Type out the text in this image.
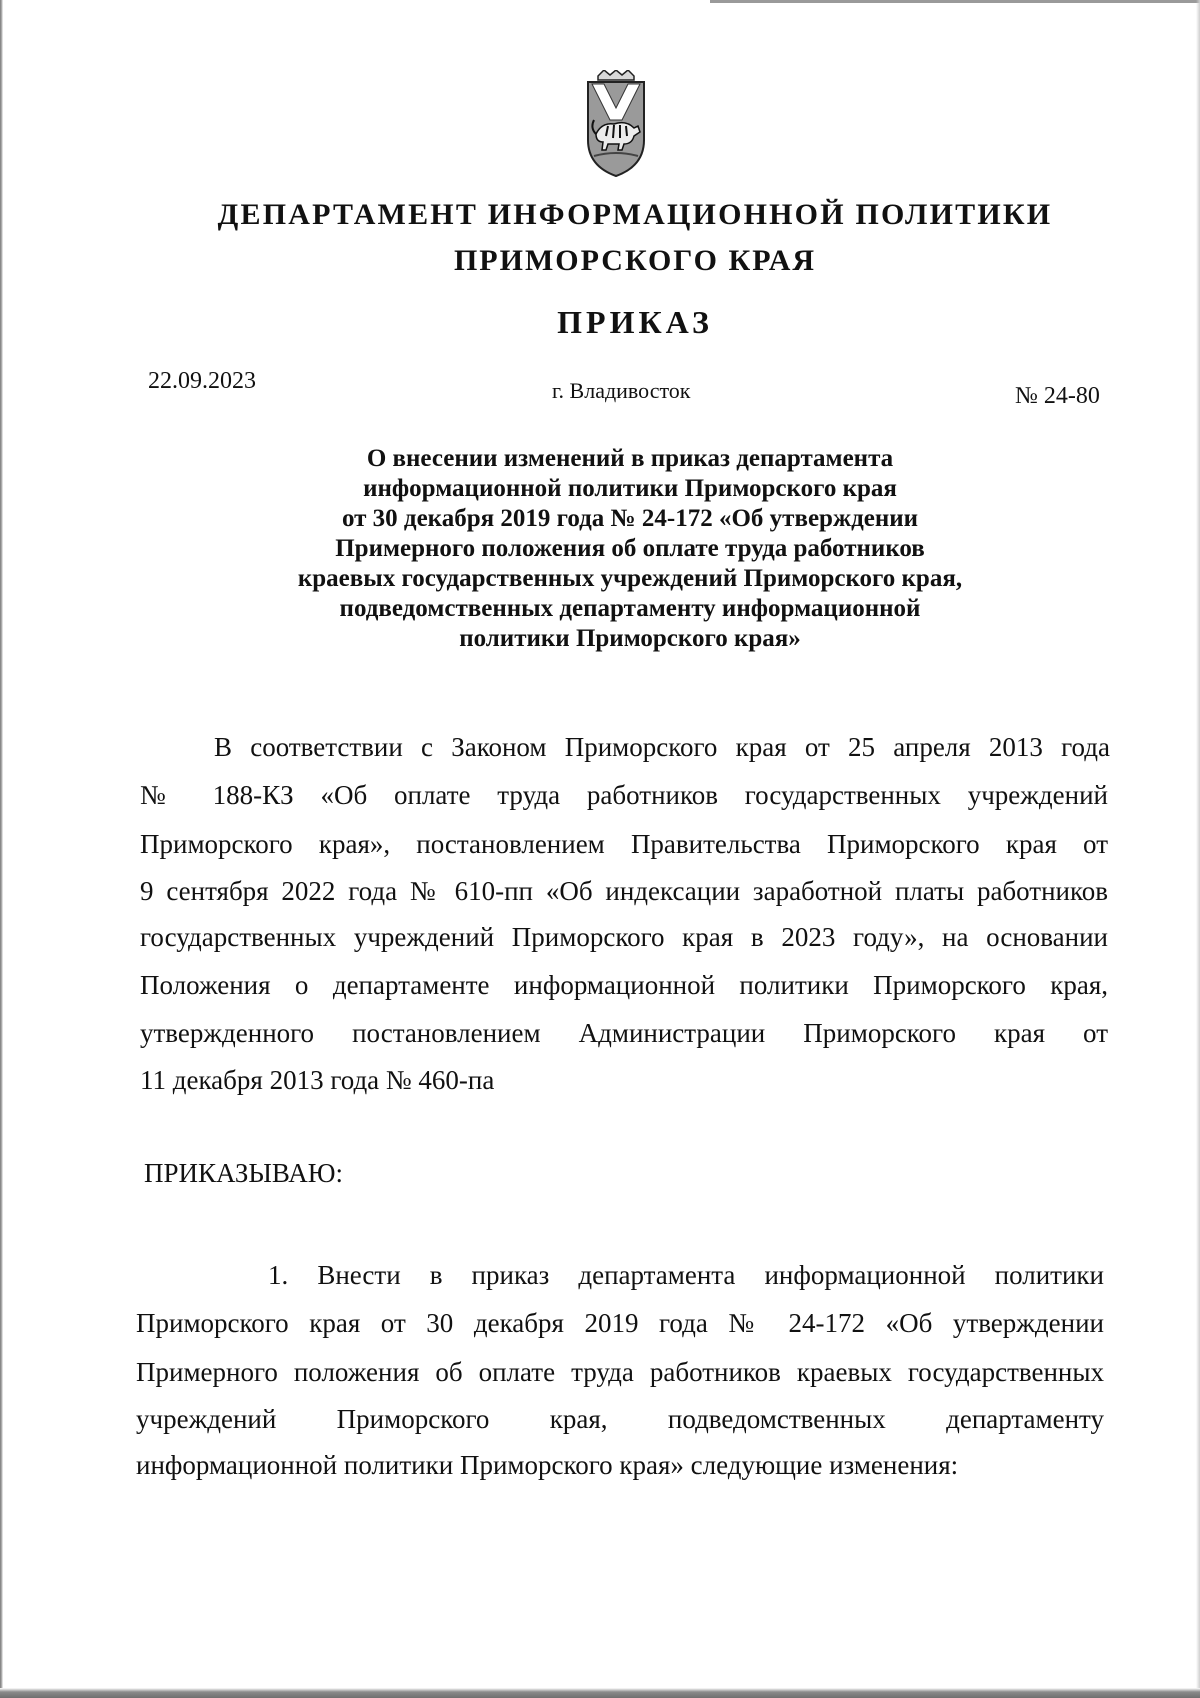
ДЕПАРТАМЕНТ ИНФОРМАЦИОННОЙ ПОЛИТИКИ
ПРИМОРСКОГО КРАЯ
ПРИКАЗ
22.09.2023	г. Владивосток	№ 24-80
О внесении изменений в приказ департамента
информационной политики Приморского края
от 30 декабря 2019 года № 24-172 «Об утверждении
Примерного положения об оплате труда работников
краевых государственных учреждений Приморского края,
подведомственных департаменту информационной
политики Приморского края»
В соответствии с Законом Приморского края от 25 апреля 2013 года
№ 188-КЗ «Об оплате труда работников государственных учреждений
Приморского края», постановлением Правительства Приморского края от
9 сентября 2022 года № 610-пп «Об индексации заработной платы работников
государственных учреждений Приморского края в 2023 году», на основании
Положения о департаменте информационной политики Приморского края,
утвержденного постановлением Администрации Приморского края от
11 декабря 2013 года № 460-па
ПРИКАЗЫВАЮ:
1. Внести в приказ департамента информационной политики
Приморского края от 30 декабря 2019 года № 24-172 «Об утверждении
Примерного положения об оплате труда работников краевых государственных
учреждений Приморского края, подведомственных департаменту
информационной политики Приморского края» следующие изменения:
